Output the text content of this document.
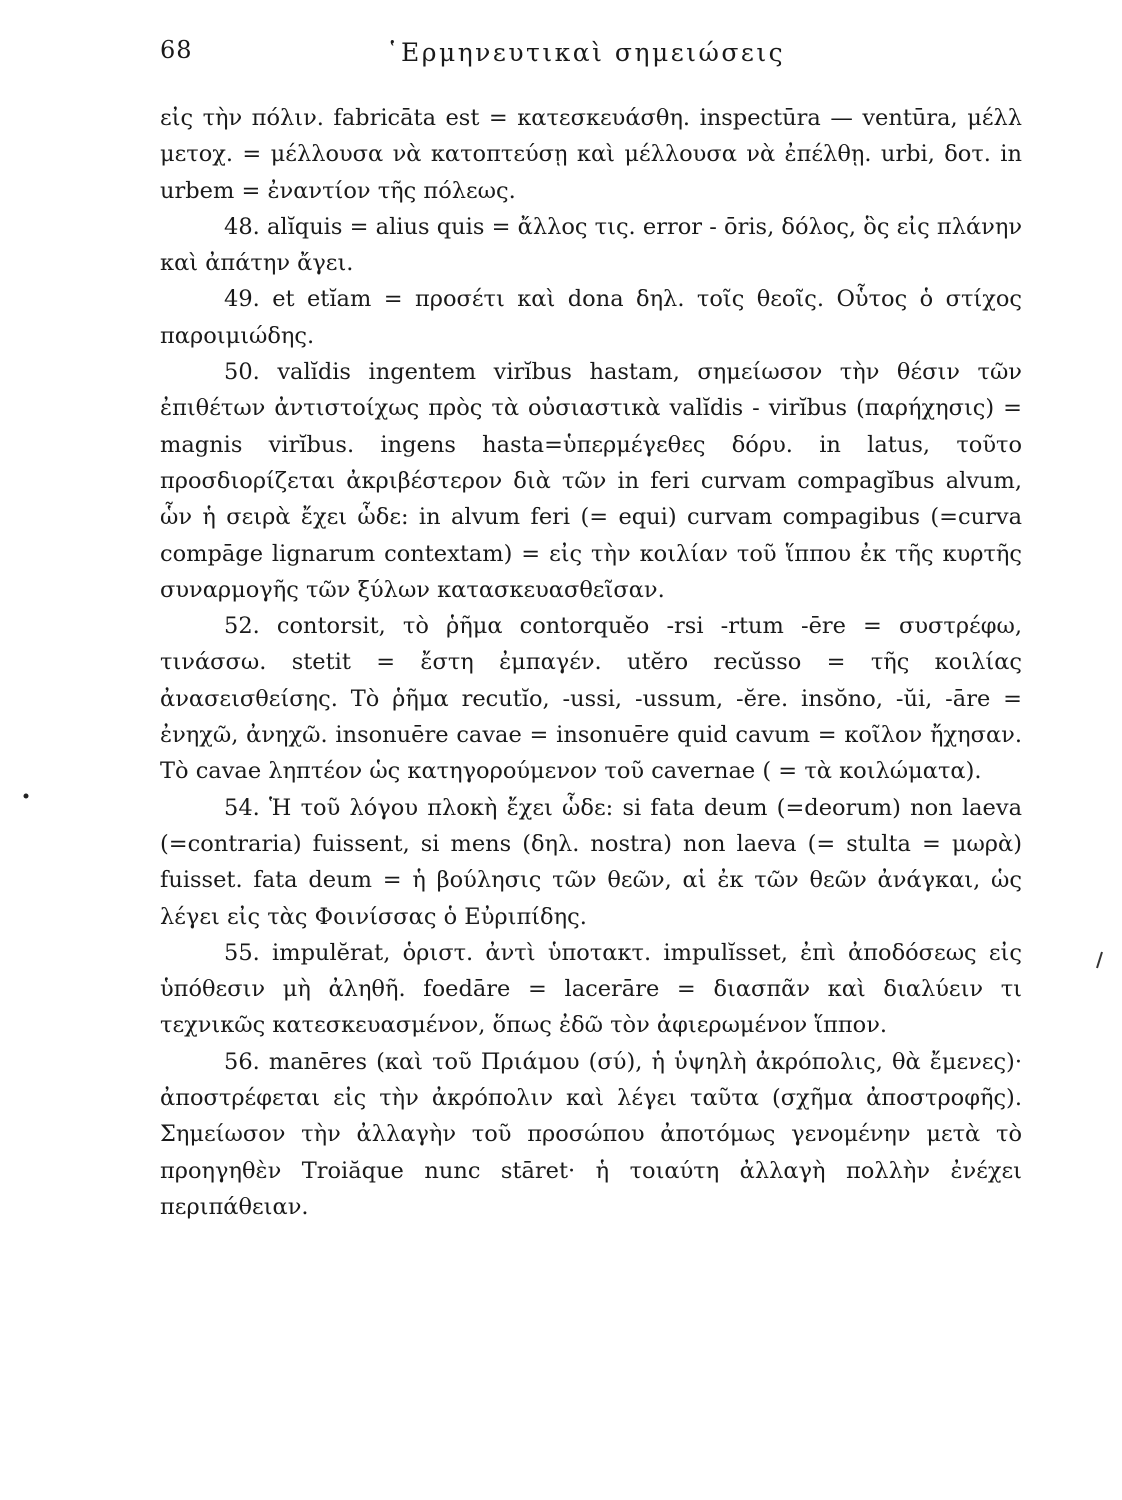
68	῾Ερμηνευτικαὶ σημειώσεις

εἰς τὴν πόλιν. fabricāta est = κατεσκευάσθη. inspectūra — ventūra, μέλλ μετοχ. = μέλλουσα νὰ κατοπτεύσῃ καὶ μέλλουσα νὰ ἐπέλθῃ. urbi, δοτ. in urbem = ἐναντίον τῆς πόλεως.

48. alĭquis = alius quis = ἄλλος τις. error - ōris, δόλος, ὃς εἰς πλάνην καὶ ἀπάτην ἄγει.

49. et etĭam = προσέτι καὶ dona δηλ. τοῖς θεοῖς. Οὗτος ὁ στίχος παροιμιώδης.

50. valĭdis ingentem virĭbus hastam, σημείωσον τὴν θέσιν τῶν ἐπιθέτων ἀντιστοίχως πρὸς τὰ οὐσιαστικὰ valĭdis - virĭbus (παρήχησις) = magnis virĭbus. ingens hasta=ὑπερμέγεθες δόρυ. in latus, τοῦτο προσδιορίζεται ἀκριβέστερον διὰ τῶν in feri curvam compagĭbus alvum, ὧν ἡ σειρὰ ἔχει ὧδε: in alvum feri (= equi) curvam compagibus (=curva compāge lignarum contextam) = εἰς τὴν κοιλίαν τοῦ ἵππου ἐκ τῆς κυρτῆς συναρμογῆς τῶν ξύλων κατασκευασθεῖσαν.

52. contorsit, τὸ ῥῆμα contorquĕo -rsi -rtum -ēre = συστρέφω, τινάσσω. stetit = ἔστη ἐμπαγέν. utĕro recŭsso = τῆς κοιλίας ἀνασεισθείσης. Τὸ ῥῆμα recutĭo, -ussi, -ussum, -ĕre. insŏno, -ŭi, -āre = ἐνηχῶ, ἀνηχῶ. insonuēre cavae = insonuēre quid cavum = κοῖλον ἤχησαν. Τὸ cavae ληπτέον ὡς κατηγορούμενον τοῦ cavernae ( = τὰ κοιλώματα).

54. Ἡ τοῦ λόγου πλοκὴ ἔχει ὧδε: si fata deum (=deorum) non laeva (=contraria) fuissent, si mens (δηλ. nostra) non laeva (= stulta = μωρὰ) fuisset. fata deum = ἡ βούλησις τῶν θεῶν, αἱ ἐκ τῶν θεῶν ἀνάγκαι, ὡς λέγει εἰς τὰς Φοινίσσας ὁ Εὐριπίδης.

55. impulĕrat, ὁριστ. ἀντὶ ὑποτακτ. impulĭsset, ἐπὶ ἀποδόσεως εἰς ὑπόθεσιν μὴ ἀληθῆ. foedāre = lacerāre = διασπᾶν καὶ διαλύειν τι τεχνικῶς κατεσκευασμένον, ὅπως ἐδῶ τὸν ἀφιερωμένον ἵππον.

56. manēres (καὶ τοῦ Πριάμου (σύ), ἡ ὑψηλὴ ἀκρόπολις, θὰ ἔμενες)· ἀποστρέφεται εἰς τὴν ἀκρόπολιν καὶ λέγει ταῦτα (σχῆμα ἀποστροφῆς). Σημείωσον τὴν ἀλλαγὴν τοῦ προσώπου ἀποτόμως γενομένην μετὰ τὸ προηγηθὲν Troiăque nunc stāret· ἡ τοιαύτη ἀλλαγὴ πολλὴν ἐνέχει περιπάθειαν.
